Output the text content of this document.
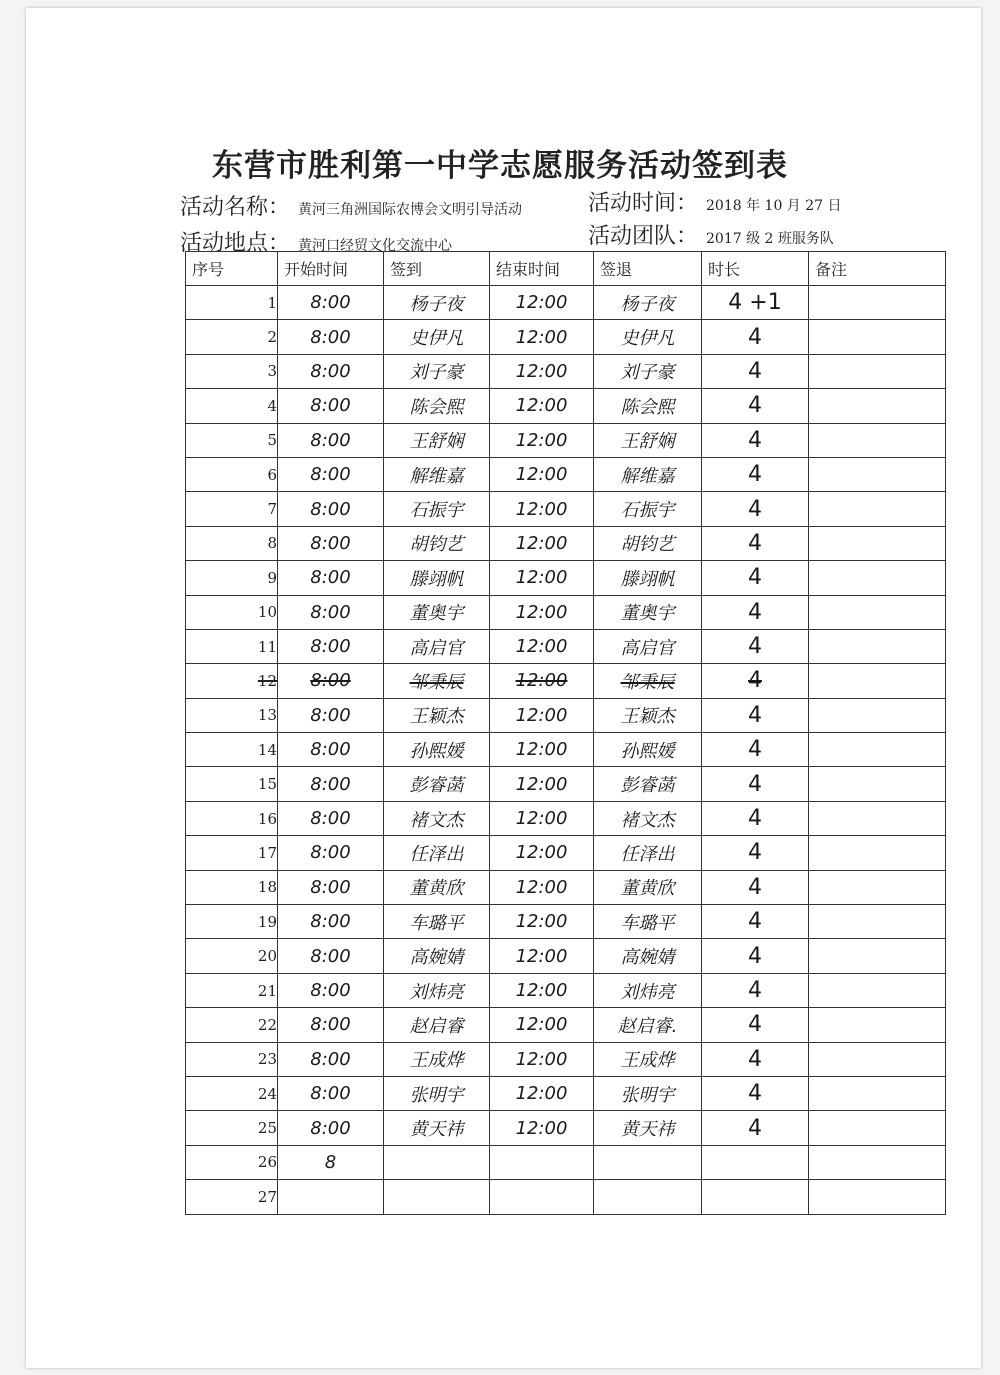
东营市胜利第一中学志愿服务活动签到表
活动名称： 黄河三角洲国际农博会文明引导活动	活动时间： 2018 年 10 月 27 日
活动地点： 黄河口经贸文化交流中心	活动团队： 2017 级 2 班服务队
序号	开始时间	签到	结束时间	签退	时长	备注
1	8:00	杨子夜	12:00	杨子夜	4 +1	
2	8:00	史伊凡	12:00	史伊凡	4	
3	8:00	刘子豪	12:00	刘子豪	4	
4	8:00	陈会熙	12:00	陈会熙	4	
5	8:00	王舒娴	12:00	王舒娴	4	
6	8:00	解维嘉	12:00	解维嘉	4	
7	8:00	石振宇	12:00	石振宇	4	
8	8:00	胡钧艺	12:00	胡钧艺	4	
9	8:00	滕翊帆	12:00	滕翊帆	4	
10	8:00	董奥宇	12:00	董奥宇	4	
11	8:00	高启官	12:00	高启官	4	
12	8:00	邹秉辰	12:00	邹秉辰	4	
13	8:00	王颖杰	12:00	王颖杰	4	
14	8:00	孙熙媛	12:00	孙熙媛	4	
15	8:00	彭睿菡	12:00	彭睿菡	4	
16	8:00	褚文杰	12:00	褚文杰	4	
17	8:00	任泽出	12:00	任泽出	4	
18	8:00	董黄欣	12:00	董黄欣	4	
19	8:00	车璐平	12:00	车璐平	4	
20	8:00	高婉婧	12:00	高婉婧	4	
21	8:00	刘炜亮	12:00	刘炜亮	4	
22	8:00	赵启睿	12:00	赵启睿.	4	
23	8:00	王成烨	12:00	王成烨	4	
24	8:00	张明宇	12:00	张明宇	4	
25	8:00	黄天祎	12:00	黄天祎	4	
26	8					
27						
